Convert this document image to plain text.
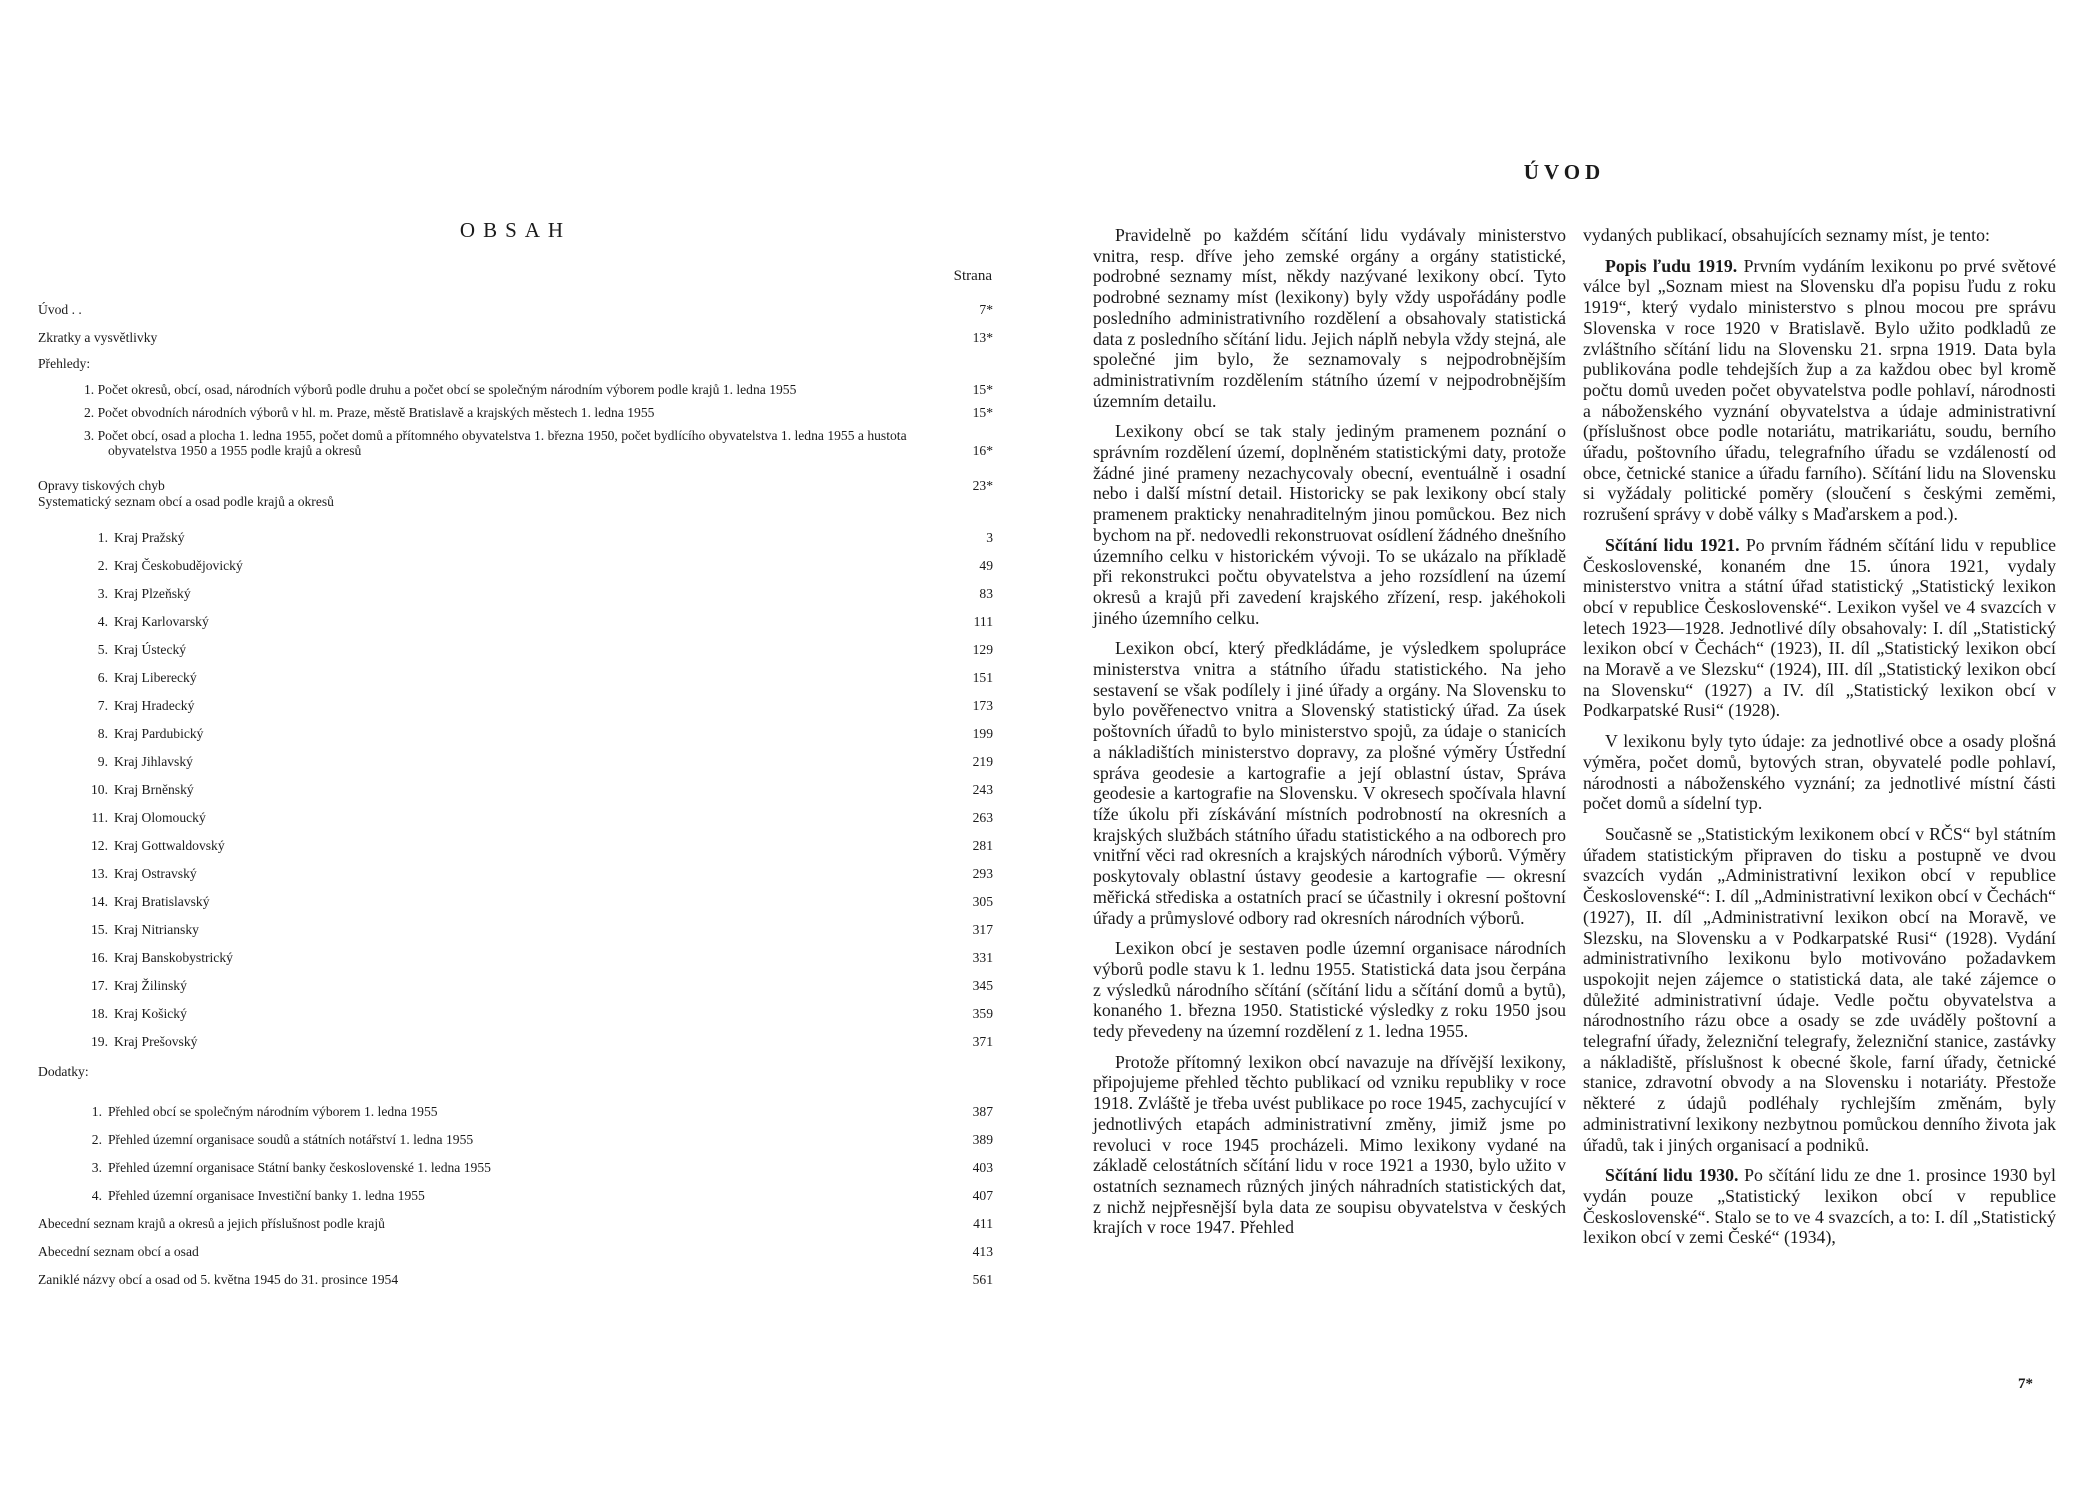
OBSAH
Strana
Úvod . .	7*
Zkratky a vysvětlivky	13*
Přehledy:
1. Počet okresů, obcí, osad, národních výborů podle druhu a počet obcí se společným národním výborem podle krajů 1. ledna 1955	15*
2. Počet obvodních národních výborů v hl. m. Praze, městě Bratislavě a krajských městech 1. ledna 1955	15*
3. Počet obcí, osad a plocha 1. ledna 1955, počet domů a přítomného obyvatelstva 1. března 1950, počet bydlícího obyvatelstva 1. ledna 1955 a hustota obyvatelstva 1950 a 1955 podle krajů a okresů	16*
Opravy tiskových chyb	23*
Systematický seznam obcí a osad podle krajů a okresů
1. Kraj Pražský	3
2. Kraj Českobudějovický	49
3. Kraj Plzeňský	83
4. Kraj Karlovarský	111
5. Kraj Ústecký	129
6. Kraj Liberecký	151
7. Kraj Hradecký	173
8. Kraj Pardubický	199
9. Kraj Jihlavský	219
10. Kraj Brněnský	243
11. Kraj Olomoucký	263
12. Kraj Gottwaldovský	281
13. Kraj Ostravský	293
14. Kraj Bratislavský	305
15. Kraj Nitriansky	317
16. Kraj Banskobystrický	331
17. Kraj Žilinský	345
18. Kraj Košický	359
19. Kraj Prešovský	371
Dodatky:
1. Přehled obcí se společným národním výborem 1. ledna 1955	387
2. Přehled územní organisace soudů a státních notářství 1. ledna 1955	389
3. Přehled územní organisace Státní banky československé 1. ledna 1955	403
4. Přehled územní organisace Investiční banky 1. ledna 1955	407
Abecední seznam krajů a okresů a jejich příslušnost podle krajů	411
Abecední seznam obcí a osad	413
Zaniklé názvy obcí a osad od 5. května 1945 do 31. prosince 1954	561
ÚVOD

Pravidelně po každém sčítání lidu vydávaly ministerstvo vnitra, resp. dříve jeho zemské orgány a orgány statistické, podrobné seznamy míst, někdy nazývané lexikony obcí. Tyto podrobné seznamy míst (lexikony) byly vždy uspořádány podle posledního administrativního rozdělení a obsahovaly statistická data z posledního sčítání lidu. Jejich náplň nebyla vždy stejná, ale společné jim bylo, že seznamovaly s nejpodrobnějším administrativním rozdělením státního území v nejpodrobnějším územním detailu.

Lexikony obcí se tak staly jediným pramenem poznání o správním rozdělení území, doplněném statistickými daty, protože žádné jiné prameny nezachycovaly obecní, eventuálně i osadní nebo i další místní detail. Historicky se pak lexikony obcí staly pramenem prakticky nenahraditelným jinou pomůckou. Bez nich bychom na př. nedovedli rekonstruovat osídlení žádného dnešního územního celku v historickém vývoji. To se ukázalo na příkladě při rekonstrukci počtu obyvatelstva a jeho rozsídlení na území okresů a krajů při zavedení krajského zřízení, resp. jakéhokoli jiného územního celku.

Lexikon obcí, který předkládáme, je výsledkem spolupráce ministerstva vnitra a státního úřadu statistického. Na jeho sestavení se však podílely i jiné úřady a orgány. Na Slovensku to bylo pověřenectvo vnitra a Slovenský statistický úřad. Za úsek poštovních úřadů to bylo ministerstvo spojů, za údaje o stanicích a nákladištích ministerstvo dopravy, za plošné výměry Ústřední správa geodesie a kartografie a její oblastní ústav, Správa geodesie a kartografie na Slovensku. V okresech spočívala hlavní tíže úkolu při získávání místních podrobností na okresních a krajských službách státního úřadu statistického a na odborech pro vnitřní věci rad okresních a krajských národních výborů. Výměry poskytovaly oblastní ústavy geodesie a kartografie — okresní měřická střediska a ostatních prací se účastnily i okresní poštovní úřady a průmyslové odbory rad okresních národních výborů.

Lexikon obcí je sestaven podle územní organisace národních výborů podle stavu k 1. lednu 1955. Statistická data jsou čerpána z výsledků národního sčítání (sčítání lidu a sčítání domů a bytů), konaného 1. března 1950. Statistické výsledky z roku 1950 jsou tedy převedeny na územní rozdělení z 1. ledna 1955.

Protože přítomný lexikon obcí navazuje na dřívější lexikony, připojujeme přehled těchto publikací od vzniku republiky v roce 1918. Zvláště je třeba uvést publikace po roce 1945, zachycující v jednotlivých etapách administrativní změny, jimiž jsme po revoluci v roce 1945 procházeli. Mimo lexikony vydané na základě celostátních sčítání lidu v roce 1921 a 1930, bylo užito v ostatních seznamech různých jiných náhradních statistických dat, z nichž nejpřesnější byla data ze soupisu obyvatelstva v českých krajích v roce 1947. Přehled

vydaných publikací, obsahujících seznamy míst, je tento:

Popis ľudu 1919. Prvním vydáním lexikonu po prvé světové válce byl „Soznam miest na Slovensku dľa popisu ľudu z roku 1919“, který vydalo ministerstvo s plnou mocou pre správu Slovenska v roce 1920 v Bratislavě. Bylo užito podkladů ze zvláštního sčítání lidu na Slovensku 21. srpna 1919. Data byla publikována podle tehdejších žup a za každou obec byl kromě počtu domů uveden počet obyvatelstva podle pohlaví, národnosti a náboženského vyznání obyvatelstva a údaje administrativní (příslušnost obce podle notariátu, matrikariátu, soudu, berního úřadu, poštovního úřadu, telegrafního úřadu se vzdáleností od obce, četnické stanice a úřadu farního). Sčítání lidu na Slovensku si vyžádaly politické poměry (sloučení s českými zeměmi, rozrušení správy v době války s Maďarskem a pod.).

Sčítání lidu 1921. Po prvním řádném sčítání lidu v republice Československé, konaném dne 15. února 1921, vydaly ministerstvo vnitra a státní úřad statistický „Statistický lexikon obcí v republice Československé“. Lexikon vyšel ve 4 svazcích v letech 1923—1928. Jednotlivé díly obsahovaly: I. díl „Statistický lexikon obcí v Čechách“ (1923), II. díl „Statistický lexikon obcí na Moravě a ve Slezsku“ (1924), III. díl „Statistický lexikon obcí na Slovensku“ (1927) a IV. díl „Statistický lexikon obcí v Podkarpatské Rusi“ (1928).

V lexikonu byly tyto údaje: za jednotlivé obce a osady plošná výměra, počet domů, bytových stran, obyvatelé podle pohlaví, národnosti a náboženského vyznání; za jednotlivé místní části počet domů a sídelní typ.

Současně se „Statistickým lexikonem obcí v RČS“ byl státním úřadem statistickým připraven do tisku a postupně ve dvou svazcích vydán „Administrativní lexikon obcí v republice Československé“: I. díl „Administrativní lexikon obcí v Čechách“ (1927), II. díl „Administrativní lexikon obcí na Moravě, ve Slezsku, na Slovensku a v Podkarpatské Rusi“ (1928). Vydání administrativního lexikonu bylo motivováno požadavkem uspokojit nejen zájemce o statistická data, ale také zájemce o důležité administrativní údaje. Vedle počtu obyvatelstva a národnostního rázu obce a osady se zde uváděly poštovní a telegrafní úřady, železniční telegrafy, železniční stanice, zastávky a nákladiště, příslušnost k obecné škole, farní úřady, četnické stanice, zdravotní obvody a na Slovensku i notariáty. Přestože některé z údajů podléhaly rychlejším změnám, byly administrativní lexikony nezbytnou pomůckou denního života jak úřadů, tak i jiných organisací a podniků.

Sčítání lidu 1930. Po sčítání lidu ze dne 1. prosince 1930 byl vydán pouze „Statistický lexikon obcí v republice Československé“. Stalo se to ve 4 svazcích, a to: I. díl „Statistický lexikon obcí v zemi České“ (1934),

7*
